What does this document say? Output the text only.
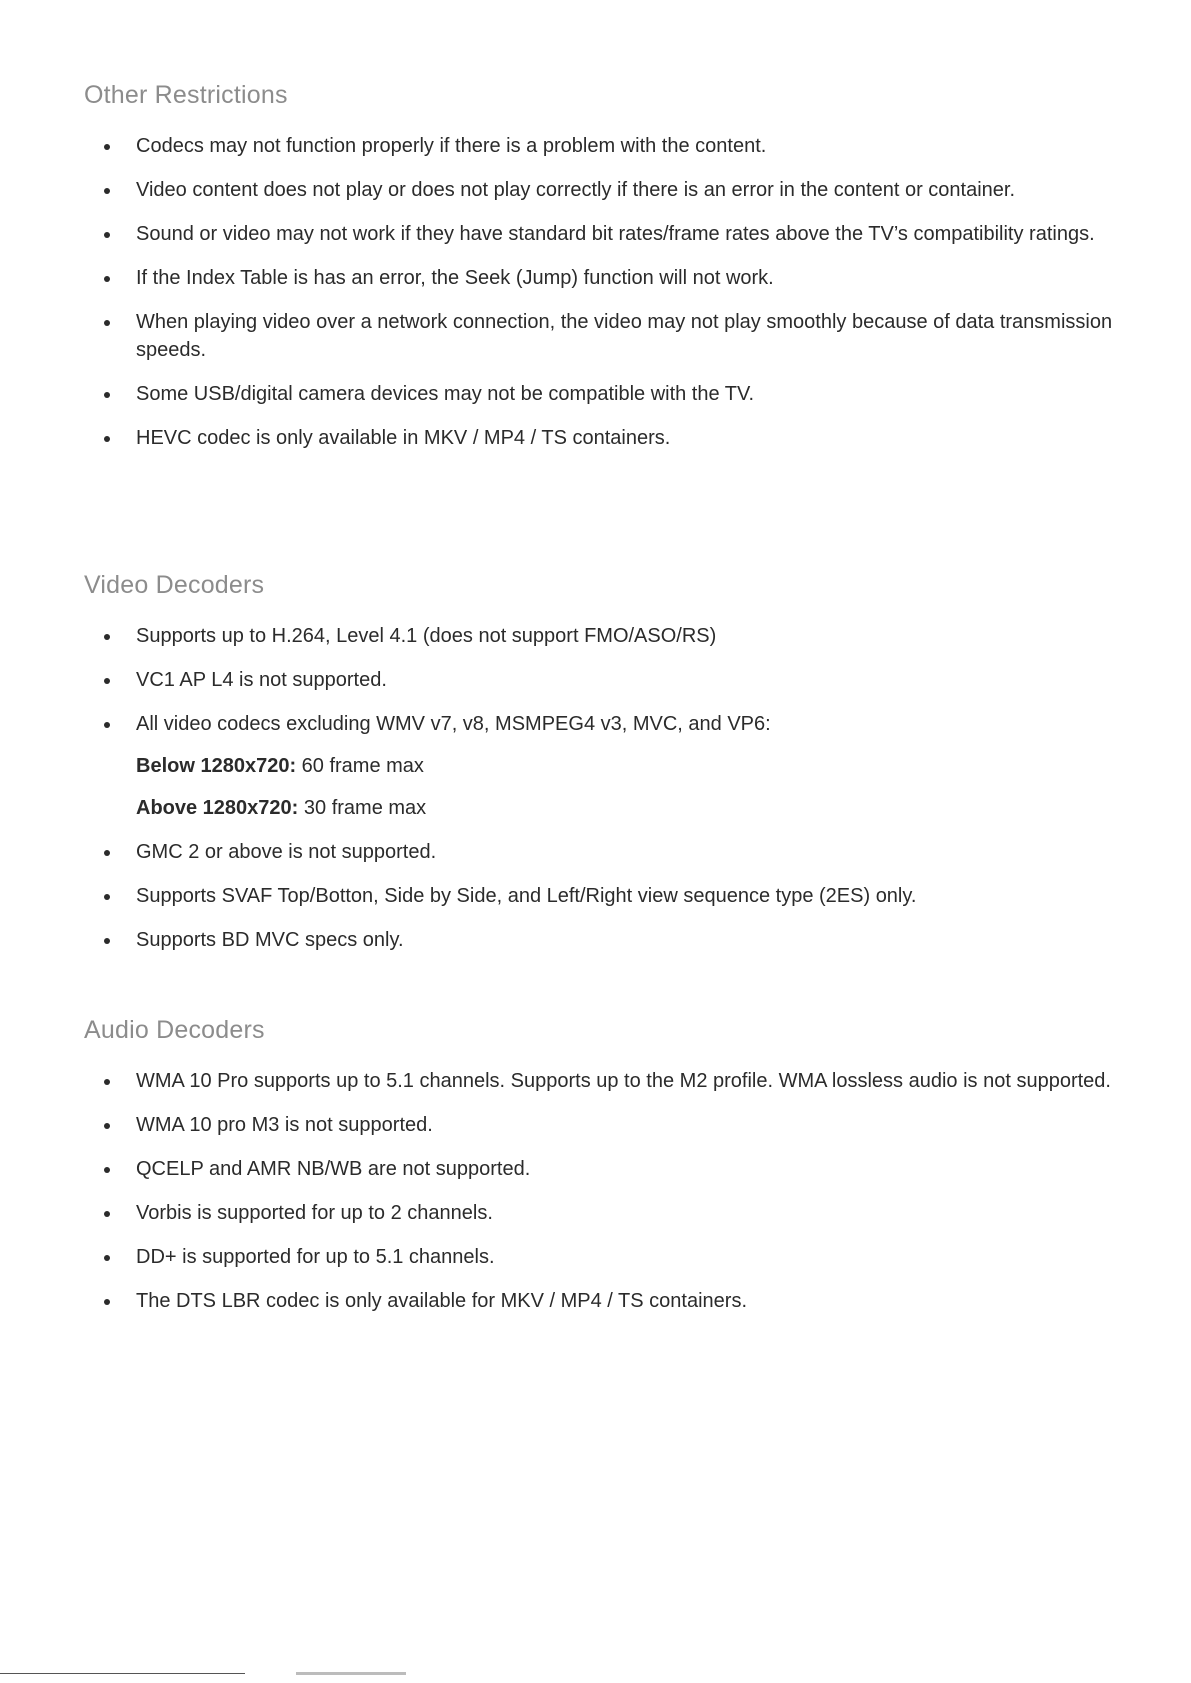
Other Restrictions
Codecs may not function properly if there is a problem with the content.
Video content does not play or does not play correctly if there is an error in the content or container.
Sound or video may not work if they have standard bit rates/frame rates above the TV’s compatibility ratings.
If the Index Table is has an error, the Seek (Jump) function will not work.
When playing video over a network connection, the video may not play smoothly because of data transmission speeds.
Some USB/digital camera devices may not be compatible with the TV.
HEVC codec is only available in MKV / MP4 / TS containers.
Video Decoders
Supports up to H.264, Level 4.1 (does not support FMO/ASO/RS)
VC1 AP L4 is not supported.
All video codecs excluding WMV v7, v8, MSMPEG4 v3, MVC, and VP6:
Below 1280x720: 60 frame max
Above 1280x720: 30 frame max
GMC 2 or above is not supported.
Supports SVAF Top/Botton, Side by Side, and Left/Right view sequence type (2ES) only.
Supports BD MVC specs only.
Audio Decoders
WMA 10 Pro supports up to 5.1 channels. Supports up to the M2 profile. WMA lossless audio is not supported.
WMA 10 pro M3 is not supported.
QCELP and AMR NB/WB are not supported.
Vorbis is supported for up to 2 channels.
DD+ is supported for up to 5.1 channels.
The DTS LBR codec is only available for MKV / MP4 / TS containers.
